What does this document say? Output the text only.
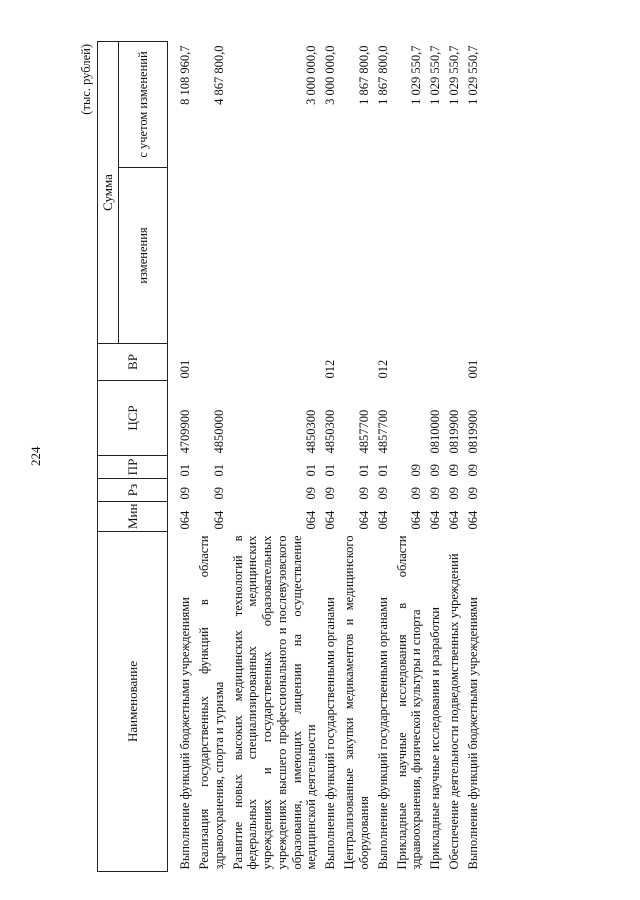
224
(тыс. рублей)
Наименование	Мин	Рз	ПР	ЦСР	ВР	Сумма	
						изменения	с учетом изменений
Выполнение функций бюджетными учреждениями	064	09	01	4709900	001		8 108 960,7
Реализация государственных функций в области здравоохранения, спорта и туризма	064	09	01	4850000			4 867 800,0
Развитие новых высоких медицинских технологий в федеральных специализированных медицинских учреждениях и государственных образовательных учреждениях высшего профессионального и послевузовского образования, имеющих лицензии на осуществление медицинской деятельности	064	09	01	4850300			3 000 000,0
Выполнение функций государственными органами	064	09	01	4850300	012		3 000 000,0
Централизованные закупки медикаментов и медицинского оборудования	064	09	01	4857700			1 867 800,0
Выполнение функций государственными органами	064	09	01	4857700	012		1 867 800,0
Прикладные научные исследования в области здравоохранения, физической культуры и спорта	064	09	09				1 029 550,7
Прикладные научные исследования и разработки	064	09	09	0810000			1 029 550,7
Обеспечение деятельности подведомственных учреждений	064	09	09	0819900			1 029 550,7
Выполнение функций бюджетными учреждениями	064	09	09	0819900	001		1 029 550,7
